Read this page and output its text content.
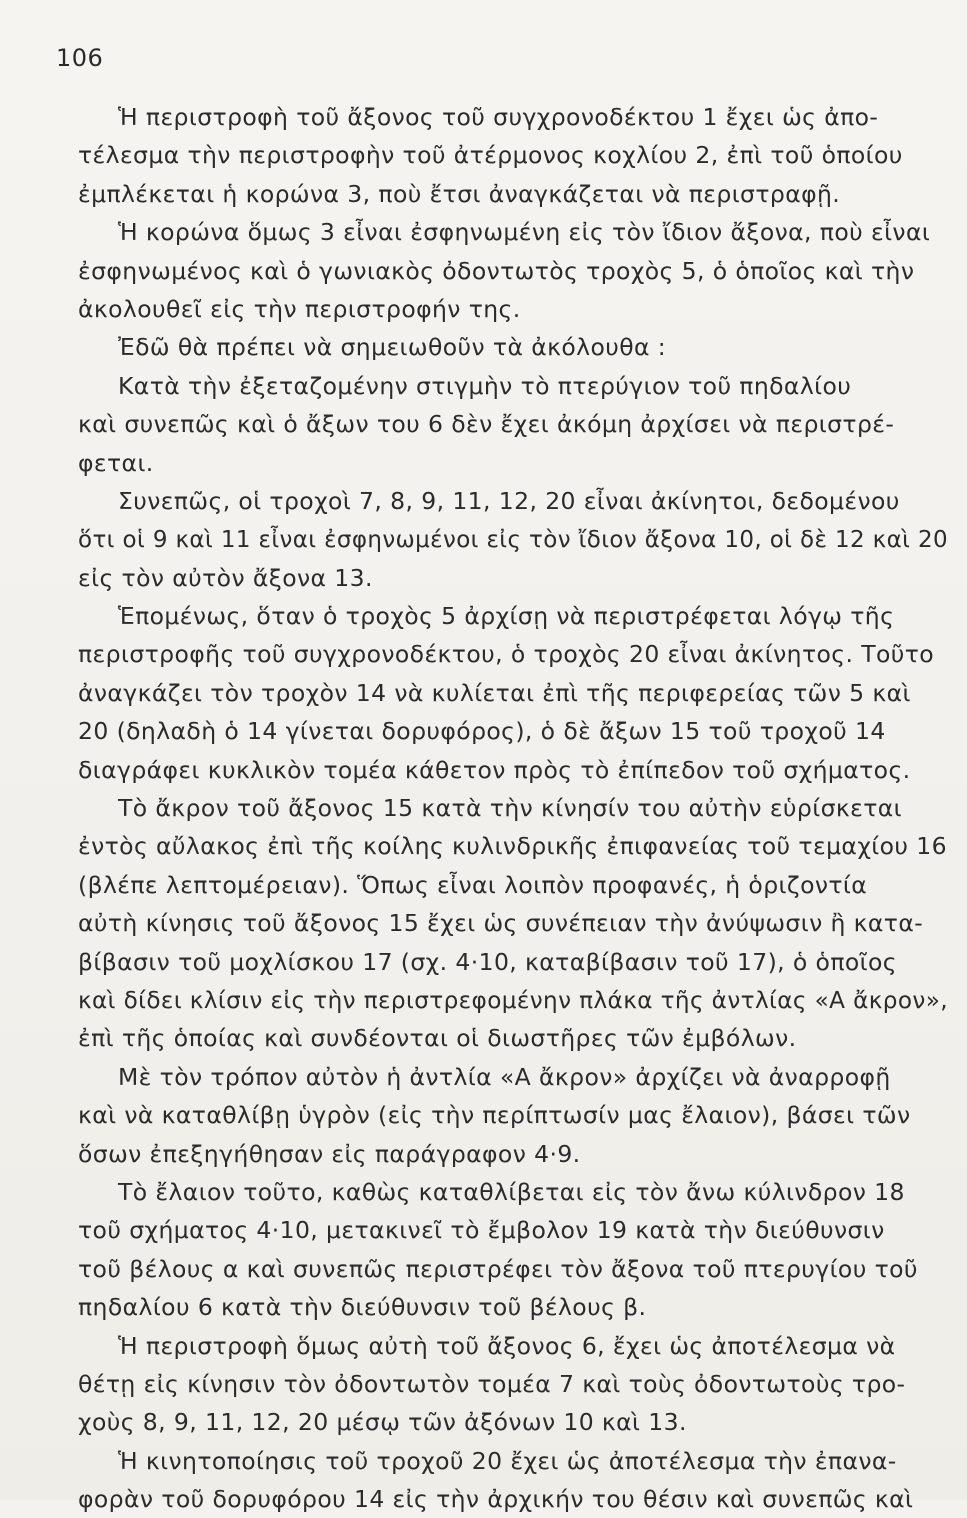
106
Ἡ περιστροφὴ τοῦ ἄξονος τοῦ συγχρονοδέκτου 1 ἔχει ὡς ἀπο-
τέλεσμα τὴν περιστροφὴν τοῦ ἀτέρμονος κοχλίου 2, ἐπὶ τοῦ ὁποίου
ἐμπλέκεται ἡ κορώνα 3, ποὺ ἔτσι ἀναγκάζεται νὰ περιστραφῇ.
Ἡ κορώνα ὅμως 3 εἶναι ἐσφηνωμένη εἰς τὸν ἴδιον ἄξονα, ποὺ εἶναι
ἐσφηνωμένος καὶ ὁ γωνιακὸς ὀδοντωτὸς τροχὸς 5, ὁ ὁποῖος καὶ τὴν
ἀκολουθεῖ εἰς τὴν περιστροφήν της.
Ἐδῶ θὰ πρέπει νὰ σημειωθοῦν τὰ ἀκόλουθα :
Κατὰ τὴν ἐξεταζομένην στιγμὴν τὸ πτερύγιον τοῦ πηδαλίου
καὶ συνεπῶς καὶ ὁ ἄξων του 6 δὲν ἔχει ἀκόμη ἀρχίσει νὰ περιστρέ-
φεται.
Συνεπῶς, οἱ τροχοὶ 7, 8, 9, 11, 12, 20 εἶναι ἀκίνητοι, δεδομένου
ὅτι οἱ 9 καὶ 11 εἶναι ἐσφηνωμένοι εἰς τὸν ἴδιον ἄξονα 10, οἱ δὲ 12 καὶ 20
εἰς τὸν αὐτὸν ἄξονα 13.
Ἑπομένως, ὅταν ὁ τροχὸς 5 ἀρχίσῃ νὰ περιστρέφεται λόγῳ τῆς
περιστροφῆς τοῦ συγχρονοδέκτου, ὁ τροχὸς 20 εἶναι ἀκίνητος. Τοῦτο
ἀναγκάζει τὸν τροχὸν 14 νὰ κυλίεται ἐπὶ τῆς περιφερείας τῶν 5 καὶ
20 (δηλαδὴ ὁ 14 γίνεται δορυφόρος), ὁ δὲ ἄξων 15 τοῦ τροχοῦ 14
διαγράφει κυκλικὸν τομέα κάθετον πρὸς τὸ ἐπίπεδον τοῦ σχήματος.
Τὸ ἄκρον τοῦ ἄξονος 15 κατὰ τὴν κίνησίν του αὐτὴν εὑρίσκεται
ἐντὸς αὔλακος ἐπὶ τῆς κοίλης κυλινδρικῆς ἐπιφανείας τοῦ τεμαχίου 16
(βλέπε λεπτομέρειαν). Ὅπως εἶναι λοιπὸν προφανές, ἡ ὁριζοντία
αὐτὴ κίνησις τοῦ ἄξονος 15 ἔχει ὡς συνέπειαν τὴν ἀνύψωσιν ἢ κατα-
βίβασιν τοῦ μοχλίσκου 17 (σχ. 4·10, καταβίβασιν τοῦ 17), ὁ ὁποῖος
καὶ δίδει κλίσιν εἰς τὴν περιστρεφομένην πλάκα τῆς ἀντλίας «Α ἄκρον»,
ἐπὶ τῆς ὁποίας καὶ συνδέονται οἱ διωστῆρες τῶν ἐμβόλων.
Μὲ τὸν τρόπον αὐτὸν ἡ ἀντλία «Α ἄκρον» ἀρχίζει νὰ ἀναρροφῇ
καὶ νὰ καταθλίβῃ ὑγρὸν (εἰς τὴν περίπτωσίν μας ἔλαιον), βάσει τῶν
ὅσων ἐπεξηγήθησαν εἰς παράγραφον 4·9.
Τὸ ἔλαιον τοῦτο, καθὼς καταθλίβεται εἰς τὸν ἄνω κύλινδρον 18
τοῦ σχήματος 4·10, μετακινεῖ τὸ ἔμβολον 19 κατὰ τὴν διεύθυνσιν
τοῦ βέλους α καὶ συνεπῶς περιστρέφει τὸν ἄξονα τοῦ πτερυγίου τοῦ
πηδαλίου 6 κατὰ τὴν διεύθυνσιν τοῦ βέλους β.
Ἡ περιστροφὴ ὅμως αὐτὴ τοῦ ἄξονος 6, ἔχει ὡς ἀποτέλεσμα νὰ
θέτῃ εἰς κίνησιν τὸν ὀδοντωτὸν τομέα 7 καὶ τοὺς ὀδοντωτοὺς τρο-
χοὺς 8, 9, 11, 12, 20 μέσῳ τῶν ἀξόνων 10 καὶ 13.
Ἡ κινητοποίησις τοῦ τροχοῦ 20 ἔχει ὡς ἀποτέλεσμα τὴν ἐπανα-
φορὰν τοῦ δορυφόρου 14 εἰς τὴν ἀρχικήν του θέσιν καὶ συνεπῶς καὶ
